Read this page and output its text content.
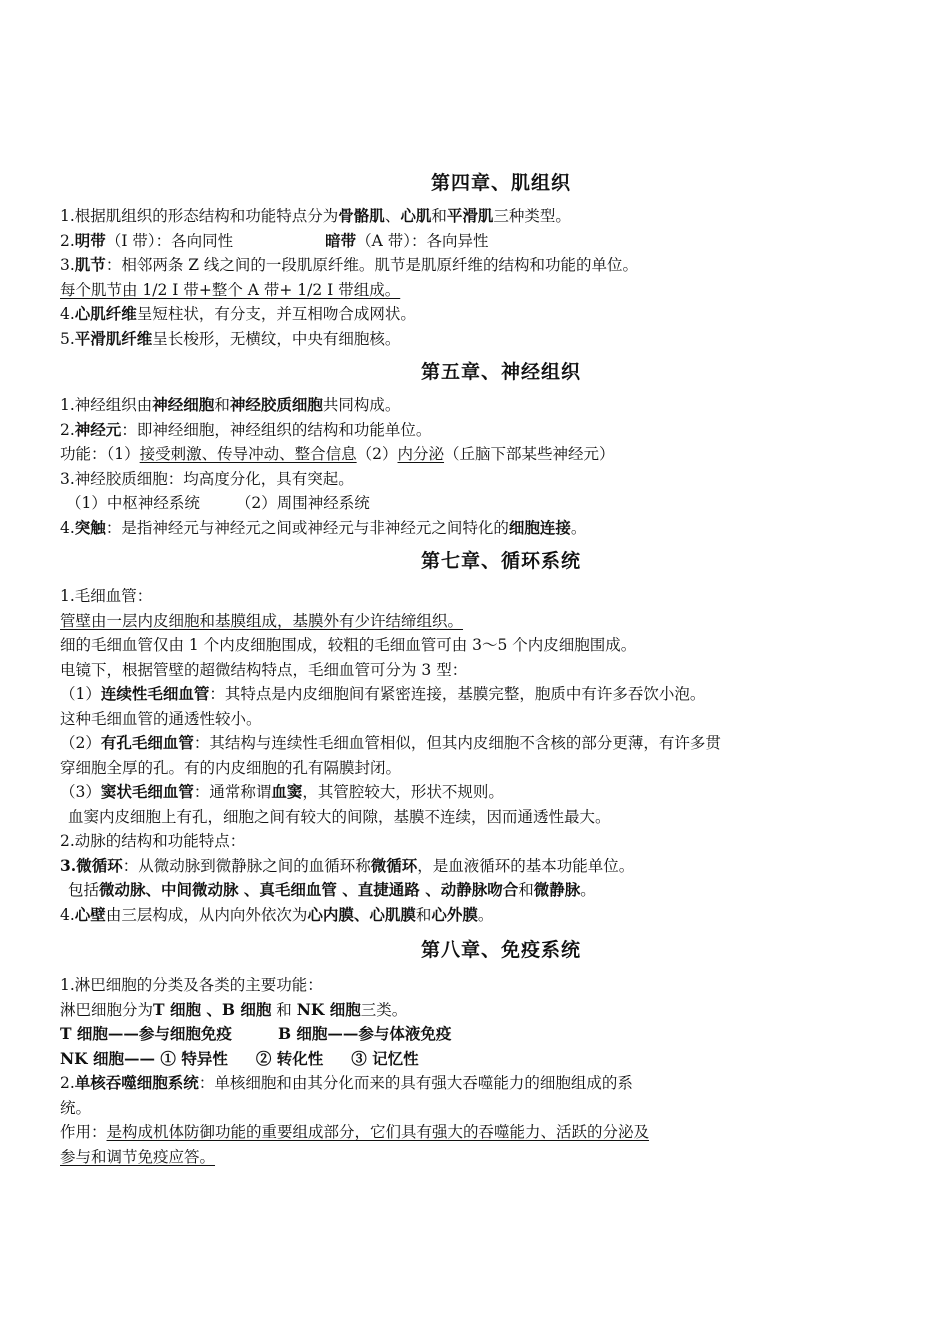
第四章、肌组织
1.根据肌组织的形态结构和功能特点分为骨骼肌、心肌和平滑肌三种类型。
2.明带（I 带）：各向同性	暗带（A 带）：各向异性
3.肌节：相邻两条 Z 线之间的一段肌原纤维。肌节是肌原纤维的结构和功能的单位。
每个肌节由 1/2 I 带+整个 A 带+ 1/2 I 带组成。
4.心肌纤维呈短柱状，有分支，并互相吻合成网状。
5.平滑肌纤维呈长梭形，无横纹，中央有细胞核。
第五章、神经组织
1.神经组织由神经细胞和神经胶质细胞共同构成。
2.神经元：即神经细胞，神经组织的结构和功能单位。
功能：（1）接受刺激、传导冲动、整合信息（2）内分泌（丘脑下部某些神经元）
3.神经胶质细胞：均高度分化，具有突起。
（1）中枢神经系统 （2）周围神经系统
4.突触：是指神经元与神经元之间或神经元与非神经元之间特化的细胞连接。
第七章、循环系统
1.毛细血管：
管壁由一层内皮细胞和基膜组成，基膜外有少许结缔组织。
细的毛细血管仅由 1 个内皮细胞围成，较粗的毛细血管可由 3～5 个内皮细胞围成。
电镜下，根据管壁的超微结构特点，毛细血管可分为 3 型：
（1）连续性毛细血管：其特点是内皮细胞间有紧密连接，基膜完整，胞质中有许多吞饮小泡。
这种毛细血管的通透性较小。
（2）有孔毛细血管：其结构与连续性毛细血管相似，但其内皮细胞不含核的部分更薄，有许多贯
穿细胞全厚的孔。有的内皮细胞的孔有隔膜封闭。
（3）窦状毛细血管：通常称谓血窦，其管腔较大，形状不规则。
血窦内皮细胞上有孔，细胞之间有较大的间隙，基膜不连续，因而通透性最大。
2.动脉的结构和功能特点：
3.微循环：从微动脉到微静脉之间的血循环称微循环，是血液循环的基本功能单位。
包括微动脉、中间微动脉 、真毛细血管 、直捷通路 、动静脉吻合和微静脉。
4.心壁由三层构成，从内向外依次为心内膜、心肌膜和心外膜。
第八章、免疫系统
1.淋巴细胞的分类及各类的主要功能：
淋巴细胞分为T 细胞 、B 细胞 和 NK 细胞三类。
T 细胞——参与细胞免疫	B 细胞——参与体液免疫
NK 细胞—— ① 特异性 ② 转化性 ③ 记忆性
2.单核吞噬细胞系统：单核细胞和由其分化而来的具有强大吞噬能力的细胞组成的系
统。
作用：是构成机体防御功能的重要组成部分，它们具有强大的吞噬能力、活跃的分泌及
参与和调节免疫应答。
